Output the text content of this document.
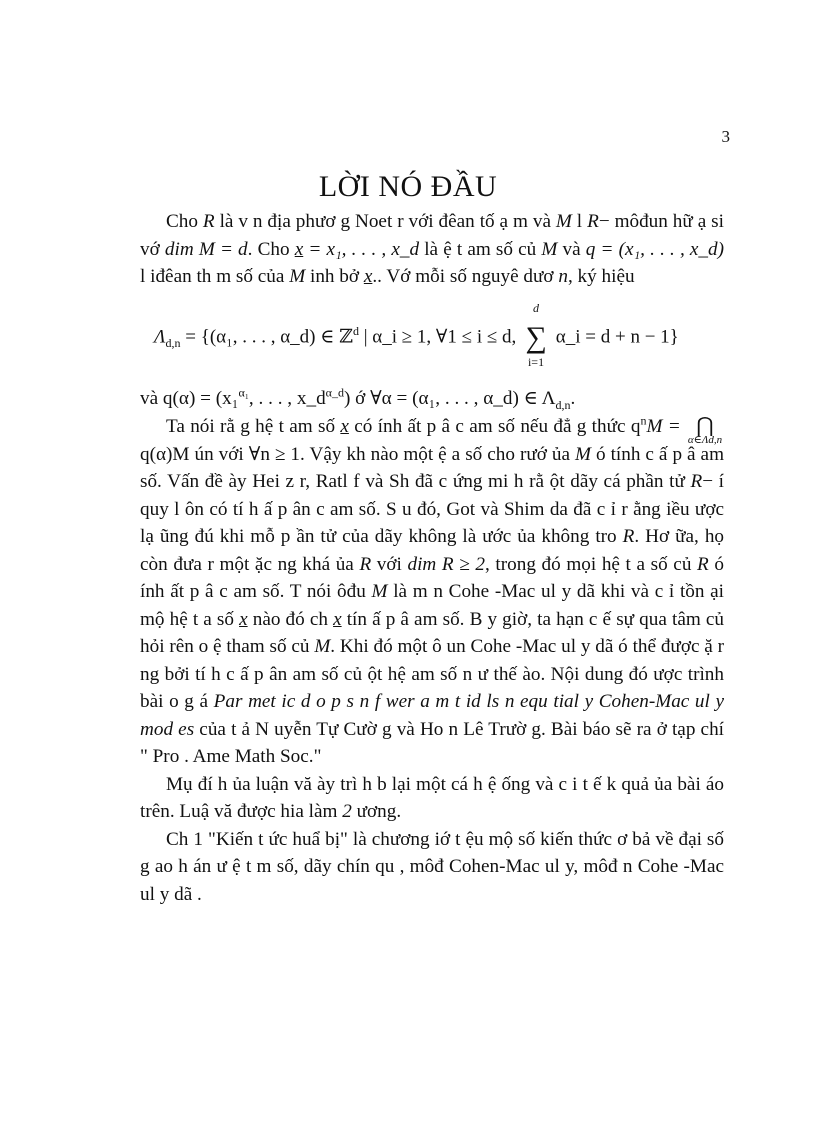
3
LỜI NÓ ĐẦU

Cho R là v n địa phươ g Noet r với đêan tố ạ m và M l R− môđun hữ ạ si vớ dim M = d. Cho x = x₁, . . . , x_d là ệ t am số củ M và q = (x₁, . . . , x_d) l iđêan th m số của M inh bở x.. Vớ mỗi số nguyê dươ n, ký hiệu

$\Lambda_{d,n} = \{(\alpha_1$, . . . , α_d) ∈ ℤ$^d$ | α_i ≥ 1, ∀1 ≤ i ≤ d,
d
∑
i=1
α_i = d + n − 1}

và q(α) = (x₁$^{\alpha_1}$, . . . , $x\_d^{\alpha\_d}$) ớ ∀α = (α₁, . . . , α_d) ∈ $\Lambda_{d,n}$.

Ta nói rằ g hệ t am số x có ính ất p â c am số nếu đẳ g thức $q^nM$ = ⋂
α∈Λd,n
q(α)M ún với ∀n ≥ 1. Vậy kh nào một ệ a số cho rướ ủa M ó tính c ấ p â am số. Vấn đề ày Hei z r, Ratl f và Sh đã c ứng mi h rằ ột dãy cá phần tử R− í quy l ôn có tí h ấ p ân c am số. S u đó, Got và Shim da đã c ỉ r ằng iều ược lạ ũng đú khi mỗ p ần tử của dãy không là ước ủa không tro R. Hơ ữa, họ còn đưa r một ặc ng khá ủa R với dim R ≥ 2, trong đó mọi hệ t a số củ R ó ính ất p â c am số. T nói ôđu M là m n Cohe -Mac ul y dã khi và c ỉ tồn ại mộ hệ t a số x nào đó ch x tín ấ p â am số. B y giờ, ta hạn c ế sự qua tâm củ hỏi rên o ệ tham số củ M. Khi đó một ô un Cohe -Mac ul y dã ó thể được ặ r ng bởi tí h c ấ p ân am số củ ột hệ am số n ư thế ào. Nội dung đó ược trình bài o g á Par met ic d o p s n f wer a m t id ls n equ tial y Cohen-Mac ul y mod es của t ả N uyễn Tự Cườ g và Ho n Lê Trườ g. Bài báo sẽ ra ở tạp chí " Pro . Ame Math Soc."

Mụ đí h ủa luận vă ày trì h b lại một cá h ệ ống và c i t ế k quả ủa bài áo trên. Luậ vă được hia làm 2 ương.

Ch 1 "Kiến t ức huẩ bị" là chương iớ t ệu mộ số kiến thức ơ bả về đại số g ao h án ư ệ t m số, dãy chín qu , môđ Cohen-Mac ul y, môđ n Cohe -Mac ul y dã .
